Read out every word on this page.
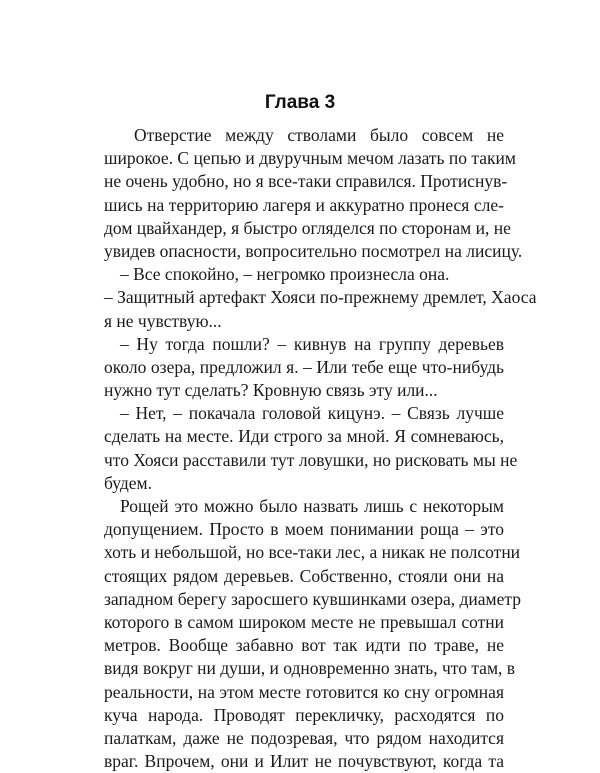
Глава 3
Отверстие между стволами было совсем не
широкое. С цепью и двуручным мечом лазать по таким
не очень удобно, но я все-таки справился. Протиснув-
шись на территорию лагеря и аккуратно пронеся сле-
дом цвайхандер, я быстро огляделся по сторонам и, не
увидев опасности, вопросительно посмотрел на лисицу.
– Все спокойно, – негромко произнесла она.
– Защитный артефакт Хояси по-прежнему дремлет, Хаоса
я не чувствую...
– Ну тогда пошли? – кивнув на группу деревьев
около озера, предложил я. – Или тебе еще что-нибудь
нужно тут сделать? Кровную связь эту или...
– Нет, – покачала головой кицунэ. – Связь лучше
сделать на месте. Иди строго за мной. Я сомневаюсь,
что Хояси расставили тут ловушки, но рисковать мы не
будем.
Рощей это можно было назвать лишь с некоторым
допущением. Просто в моем понимании роща – это
хоть и небольшой, но все-таки лес, а никак не полсотни
стоящих рядом деревьев. Собственно, стояли они на
западном берегу заросшего кувшинками озера, диаметр
которого в самом широком месте не превышал сотни
метров. Вообще забавно вот так идти по траве, не
видя вокруг ни души, и одновременно знать, что там, в
реальности, на этом месте готовится ко сну огромная
куча народа. Проводят перекличку, расходятся по
палаткам, даже не подозревая, что рядом находится
враг. Впрочем, они и Илит не почувствуют, когда та
